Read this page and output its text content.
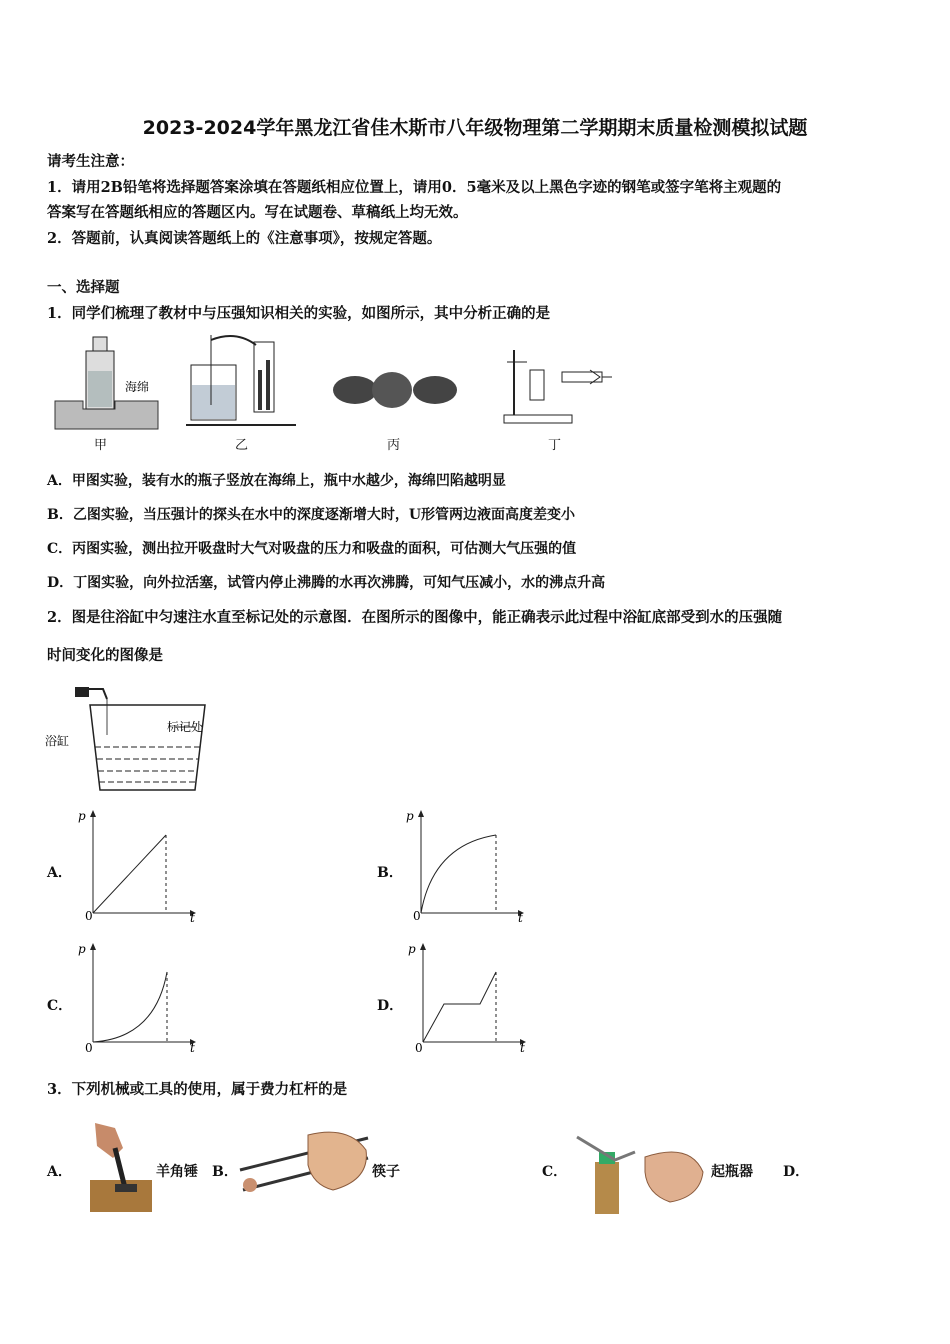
2023-2024学年黑龙江省佳木斯市八年级物理第二学期期末质量检测模拟试题
请考生注意：
1．请用2B铅笔将选择题答案涂填在答题纸相应位置上，请用0．5毫米及以上黑色字迹的钢笔或签字笔将主观题的
答案写在答题纸相应的答题区内。写在试题卷、草稿纸上均无效。
2．答题前，认真阅读答题纸上的《注意事项》，按规定答题。
一、选择题
1．同学们梳理了教材中与压强知识相关的实验，如图所示，其中分析正确的是
海绵
甲	乙	丙	丁
A．甲图实验，装有水的瓶子竖放在海绵上，瓶中水越少，海绵凹陷越明显
B．乙图实验，当压强计的探头在水中的深度逐渐增大时，U形管两边液面高度差变小
C．丙图实验，测出拉开吸盘时大气对吸盘的压力和吸盘的面积，可估测大气压强的值
D．丁图实验，向外拉活塞，试管内停止沸腾的水再次沸腾，可知气压减小，水的沸点升高
2．图是往浴缸中匀速注水直至标记处的示意图．在图所示的图像中，能正确表示此过程中浴缸底部受到水的压强随
时间变化的图像是
浴缸
标记处
A．
p
0	t
B．
p
0	t
C．
p
0	t
D．
p
0	t
3．下列机械或工具的使用，属于费力杠杆的是
A．	羊角锤 B．	筷子	C．	起瓶器 D．
